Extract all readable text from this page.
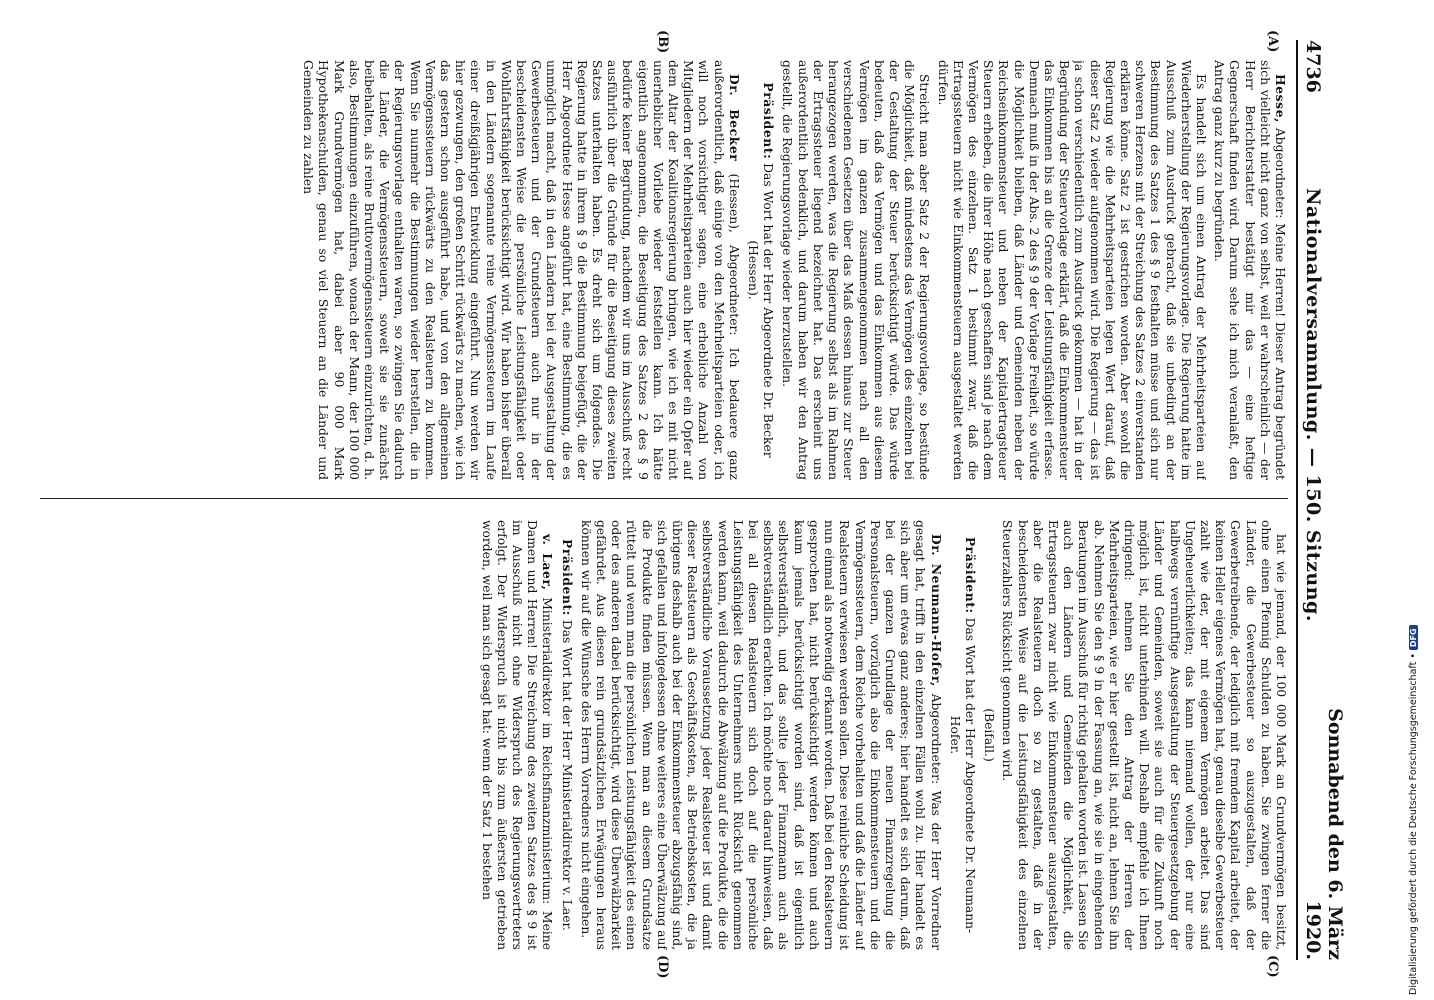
4736
Nationalversammlung. — 150. Sitzung.
Sonnabend den 6. März 1920.
(A)
(B)
(C)
(D)

Hesse, Abgeordneter: Meine Herren! Dieser Antrag begründet sich vielleicht nicht ganz von selbst, weil er wahrscheinlich — der Herr Berichterstatter bestätigt mir das — eine heftige Gegnerschaft finden wird. Darum sehe ich mich veranlaßt, den Antrag ganz kurz zu begründen.

Es handelt sich um einen Antrag der Mehrheitsparteien auf Wiederherstellung der Regierungsvorlage. Die Regierung hatte im Ausschuß zum Ausdruck gebracht, daß sie unbedingt an der Bestimmung des Satzes 1 des § 9 festhalten müsse und sich nur schweren Herzens mit der Streichung des Satzes 2 einverstanden erklären könne. Satz 2 ist gestrichen worden. Aber sowohl die Regierung wie die Mehrheitsparteien legen Wert darauf, daß dieser Satz 2 wieder aufgenommen wird. Die Regierung — das ist ja schon verschiedentlich zum Ausdruck gekommen — hat in der Begründung der Steuervorlage erklärt, daß die Einkommensteuer das Einkommen bis an die Grenze der Leistungsfähigkeit erfasse. Demnach muß in der Abs. 2 des § 9 der Vorlage Freiheit, so würde die Möglichkeit bleiben, daß Länder und Gemeinden neben der Reichseinkommensteuer und neben der Kapitalertragsteuer Steuern erheben, die ihrer Höhe nach geschaffen sind je nach dem Vermögen des einzelnen. Satz 1 bestimmt zwar, daß die Ertragssteuern nicht wie Einkommensteuern ausgestaltet werden dürfen.

Streicht man aber Satz 2 der Regierungsvorlage, so bestünde die Möglichkeit, daß mindestens das Vermögen des einzelnen bei der Gestaltung der Steuer berücksichtigt würde. Das würde bedeuten, daß das Vermögen und das Einkommen aus diesem Vermögen im ganzen zusammengenommen nach all den verschiedenen Gesetzen über das Maß dessen hinaus zur Steuer herangezogen werden, was die Regierung selbst als im Rahmen der Ertragssteuer liegend bezeichnet hat. Das erscheint uns außerordentlich bedenklich, und darum haben wir den Antrag gestellt, die Regierungsvorlage wieder herzustellen.

Präsident: Das Wort hat der Herr Abgeordnete Dr. Becker (Hessen).

Dr. Becker (Hessen), Abgeordneter: Ich bedauere ganz außerordentlich, daß einige von den Mehrheitsparteien oder, ich will noch vorsichtiger sagen, eine erhebliche Anzahl von Mitgliedern der Mehrheitsparteien auch hier wieder ein Opfer auf dem Altar der Koalitionsregierung bringen, wie ich es mit nicht unerheblicher Vorliebe wieder feststellen kann. Ich hätte eigentlich angenommen, die Beseitigung des Satzes 2 des § 9 bedürfe keiner Begründung, nachdem wir uns im Ausschuß recht ausführlich über die Gründe für die Beseitigung dieses zweiten Satzes unterhalten haben. Es dreht sich um folgendes. Die Regierung hatte in ihrem § 9 die Bestimmung beigefügt, die der Herr Abgeordnete Hesse angeführt hat, eine Bestimmung, die es unmöglich macht, daß in den Ländern bei der Ausgestaltung der Gewerbesteuern und der Grundsteuern auch nur in der bescheidensten Weise die persönliche Leistungsfähigkeit oder Wohlfahrtsfähigkeit berücksichtigt wird. Wir haben bisher überall in den Ländern sogenannte reine Vermögenssteuern im Laufe einer dreißigjährigen Entwicklung eingeführt. Nun werden wir hier gezwungen, den großen Schritt rückwärts zu machen, wie ich das gestern schon ausgeführt habe, und von den allgemeinen Vermögenssteuern rückwärts zu den Realsteuern zu kommen. Wenn Sie nunmehr die Bestimmungen wieder herstellen, die in der Regierungsvorlage enthalten waren, so zwingen Sie dadurch die Länder, die Vermögenssteuern, soweit sie sie zunächst beibehalten, als reine Bruttovermögenssteuern einzurichten, d. h. also, Bestimmungen einzuführen, wonach der Mann, der 100 000 Mark Grundvermögen hat, dabei aber 90 000 Mark Hypothekenschulden, genau so viel Steuern an die Länder und Gemeinden zu zahlen

hat wie jemand, der 100 000 Mark an Grundvermögen besitzt, ohne einen Pfennig Schulden zu haben. Sie zwingen ferner die Länder, die Gewerbesteuer so auszugestalten, daß der Gewerbetreibende, der lediglich mit fremdem Kapital arbeitet, der keinen Heller eigenes Vermögen hat, genau dieselbe Gewerbesteuer zahlt wie der, der mit eigenem Vermögen arbeitet. Das sind Ungeheuerlichkeiten; das kann niemand wollen, der nur eine halbwegs vernünftige Ausgestaltung der Steuergesetzgebung der Länder und Gemeinden, soweit sie auch für die Zukunft noch möglich ist, nicht unterbinden will. Deshalb empfehle ich Ihnen dringend: nehmen Sie den Antrag der Herren der Mehrheitsparteien, wie er hier gestellt ist, nicht an, lehnen Sie ihn ab. Nehmen Sie den § 9 in der Fassung an, wie sie in eingehenden Beratungen im Ausschuß für richtig gehalten worden ist. Lassen Sie auch den Ländern und Gemeinden die Möglichkeit, die Ertragssteuern zwar nicht wie Einkommensteuer auszugestalten, aber die Realsteuern doch so zu gestalten, daß in der bescheidensten Weise auf die Leistungsfähigkeit des einzelnen Steuerzahlers Rücksicht genommen wird.

(Beifall.)

Präsident: Das Wort hat der Herr Abgeordnete Dr. Neumann-Hofer.

Dr. Neumann-Hofer, Abgeordneter: Was der Herr Vorredner gesagt hat, trifft in den einzelnen Fällen wohl zu. Hier handelt es sich aber um etwas ganz anderes; hier handelt es sich darum, daß bei der ganzen Grundlage der neuen Finanzregelung die Personalsteuern, vorzüglich also die Einkommensteuern und die Vermögenssteuern, dem Reiche vorbehalten und daß die Länder auf Realsteuern verwiesen werden sollen. Diese reinliche Scheidung ist nun einmal als notwendig erkannt worden. Daß bei den Realsteuern gesprochen hat, nicht berücksichtigt werden können und auch kaum jemals berücksichtigt worden sind, daß ist eigentlich selbstverständlich, und das sollte jeder Finanzmann auch als selbstverständlich erachten. Ich möchte noch darauf hinweisen, daß bei all diesen Realsteuern sich doch auf die persönliche Leistungsfähigkeit des Unternehmers nicht Rücksicht genommen werden kann, weil dadurch die Abwälzung auf die Produkte, die die selbstverständliche Voraussetzung jeder Realsteuer ist und damit dieser Realsteuern als Geschäftskosten, als Betriebskosten, die ja übrigens deshalb auch bei der Einkommensteuer abzugsfähig sind, sich gefallen und infolgedessen ohne weiteres eine Überwälzung auf die Produkte finden müssen. Wenn man an diesem Grundsatze rüttelt und wenn man die persönlichen Leistungsfähigkeit des einen oder des anderen dabei berücksichtigt, wird diese Überwälzbarkeit gefährdet. Aus diesen rein grundsätzlichen Erwägungen heraus können wir auf die Wünsche des Herrn Vorredners nicht eingehen.

Präsident: Das Wort hat der Herr Ministerialdirektor v. Laer.

v. Laer, Ministerialdirektor im Reichsfinanzministerium: Meine Damen und Herren! Die Streichung des zweiten Satzes des § 9 ist im Ausschuß nicht ohne Widerspruch des Regierungsvertreters erfolgt. Der Widerspruch ist nicht bis zum äußersten getrieben worden, weil man sich gesagt hat: wenn der Satz 1 bestehen	Digitalisierung gefördert durch die Deutsche Forschungsgemeinschaft •DFG
